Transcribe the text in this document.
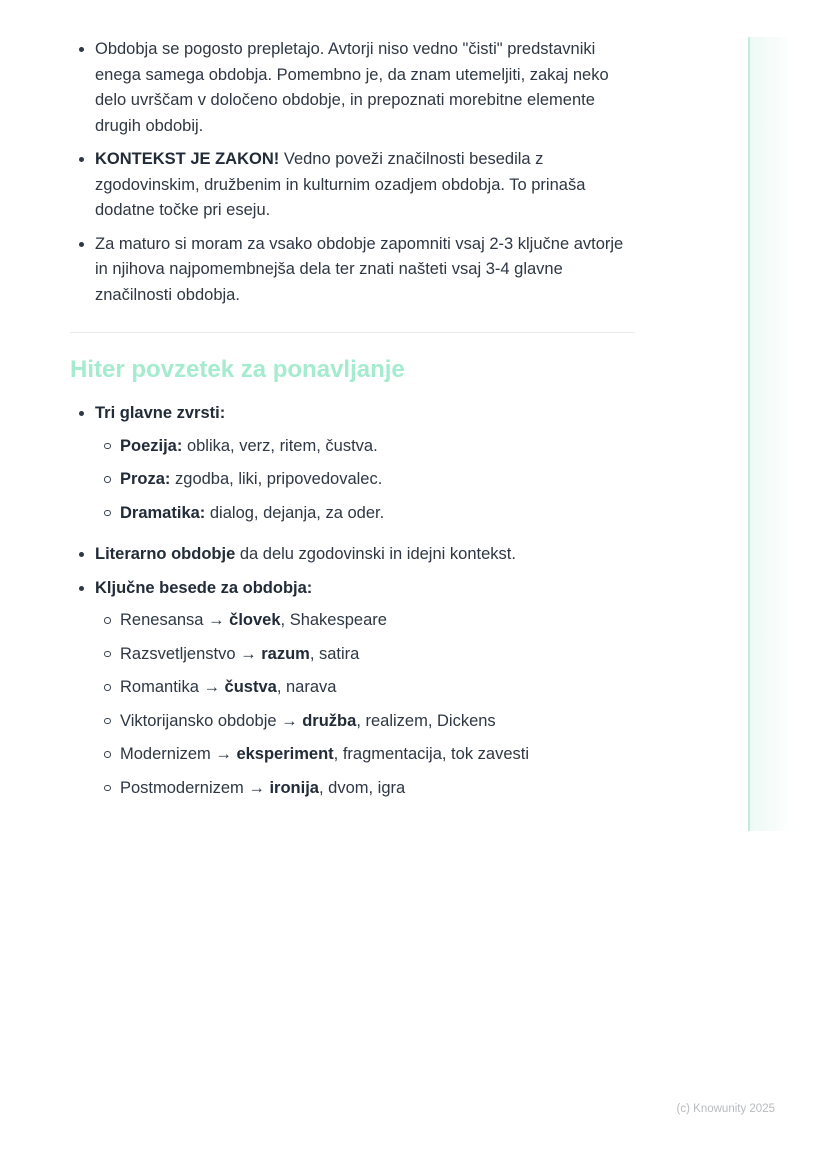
Obdobja se pogosto prepletajo. Avtorji niso vedno "čisti" predstavniki enega samega obdobja. Pomembno je, da znam utemeljiti, zakaj neko delo uvrščam v določeno obdobje, in prepoznati morebitne elemente drugih obdobij.
KONTEKST JE ZAKON! Vedno poveži značilnosti besedila z zgodovinskim, družbenim in kulturnim ozadjem obdobja. To prinaša dodatne točke pri eseju.
Za maturo si moram za vsako obdobje zapomniti vsaj 2-3 ključne avtorje in njihova najpomembnejša dela ter znati našteti vsaj 3-4 glavne značilnosti obdobja.
Hiter povzetek za ponavljanje
Tri glavne zvrsti:
Poezija: oblika, verz, ritem, čustva.
Proza: zgodba, liki, pripovedovalec.
Dramatika: dialog, dejanja, za oder.
Literarno obdobje da delu zgodovinski in idejni kontekst.
Ključne besede za obdobja:
Renesansa → človek, Shakespeare
Razsvetljenstvo → razum, satira
Romantika → čustva, narava
Viktorijansko obdobje → družba, realizem, Dickens
Modernizem → eksperiment, fragmentacija, tok zavesti
Postmodernizem → ironija, dvom, igra
(c) Knowunity 2025
